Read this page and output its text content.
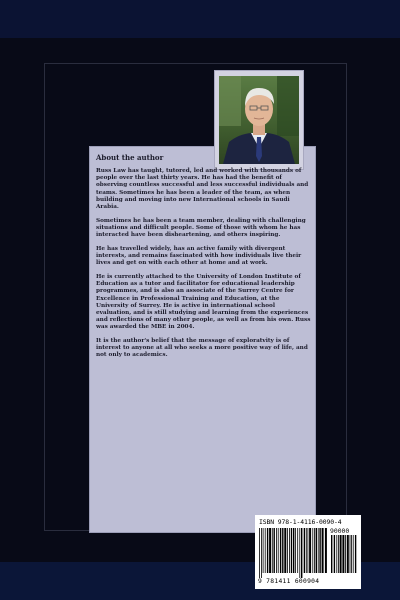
About the author

Russ Law has taught, tutored, led and worked with thousands of people over the last thirty years. He has had the benefit of observing countless successful and less successful individuals and teams. Sometimes he has been a leader of the team, as when building and moving into new International schools in Saudi Arabia.

Sometimes he has been a team member, dealing with challenging situations and difficult people. Some of those with whom he has interacted have been disheartening, and others inspiring.

He has travelled widely, has an active family with divergent interests, and remains fascinated with how individuals live their lives and get on with each other at home and at work.

He is currently attached to the University of London Institute of Education as a tutor and facilitator for educational leadership programmes, and is also an associate of the Surrey Centre for Excellence in Professional Training and Education, at the University of Surrey. He is active in international school evaluation, and is still studying and learning from the experiences and reflections of many other people, as well as from his own. Russ was awarded the MBE in 2004.

It is the author's belief that the message of exploratvity is of interest to anyone at all who seeks a more positive way of life, and not only to academics.

ISBN 978-1-4116-0090-4
90000
9 781411 600904
